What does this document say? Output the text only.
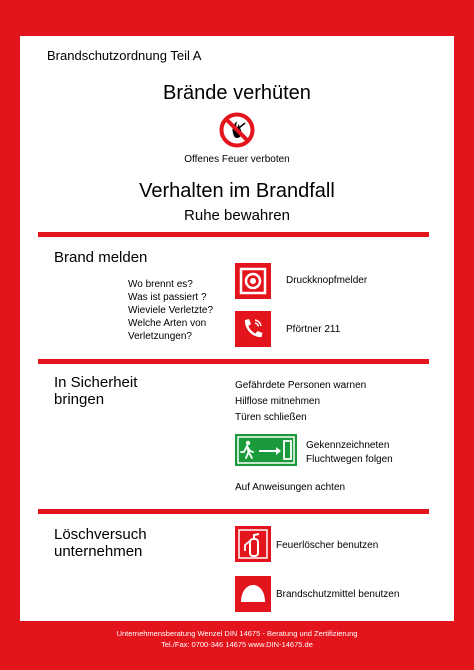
Brandschutzordnung Teil A
Brände verhüten
Offenes Feuer verboten
Verhalten im Brandfall
Ruhe bewahren
Brand melden
Wo brennt es?
Was ist passiert ?
Wieviele Verletzte?
Welche Arten von
Verletzungen?
Druckknopfmelder
Pförtner 211
In Sicherheit
bringen
Gefährdete Personen warnen
Hilflose mitnehmen
Türen schließen
Gekennzeichneten
Fluchtwegen folgen
Auf Anweisungen achten
Löschversuch
unternehmen	Feuerlöscher benutzen
Brandschutzmittel benutzen
Unternehmensberatung Wenzel DIN 14675 - Beratung und Zertifizierung
Tel./Fax: 0700-346 14675 www.DIN-14675.de
